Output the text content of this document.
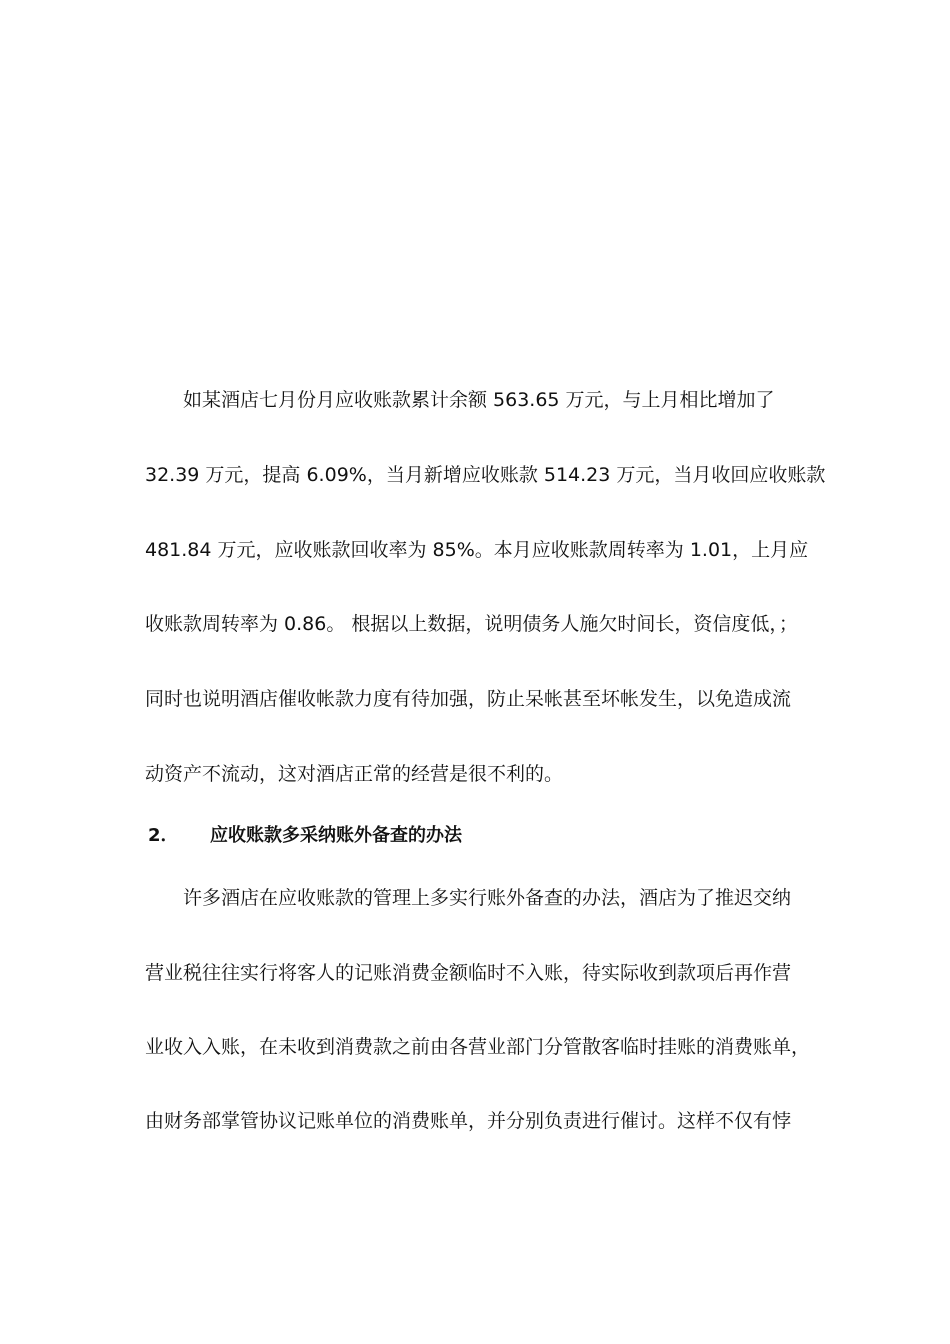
如某酒店七月份月应收账款累计余额 563.65 万元，与上月相比增加了
32.39 万元，提高 6.09%，当月新增应收账款 514.23 万元，当月收回应收账款
481.84 万元，应收账款回收率为 85%。本月应收账款周转率为 1.01，上月应
收账款周转率为 0.86。 根据以上数据，说明债务人施欠时间长，资信度低，；
同时也说明酒店催收帐款力度有待加强，防止呆帐甚至坏帐发生，以免造成流
动资产不流动，这对酒店正常的经营是很不利的。
2． 应收账款多采纳账外备查的办法
许多酒店在应收账款的管理上多实行账外备查的办法，酒店为了推迟交纳
营业税往往实行将客人的记账消费金额临时不入账，待实际收到款项后再作营
业收入入账，在未收到消费款之前由各营业部门分管散客临时挂账的消费账单，
由财务部掌管协议记账单位的消费账单，并分别负责进行催讨。这样不仅有悖
